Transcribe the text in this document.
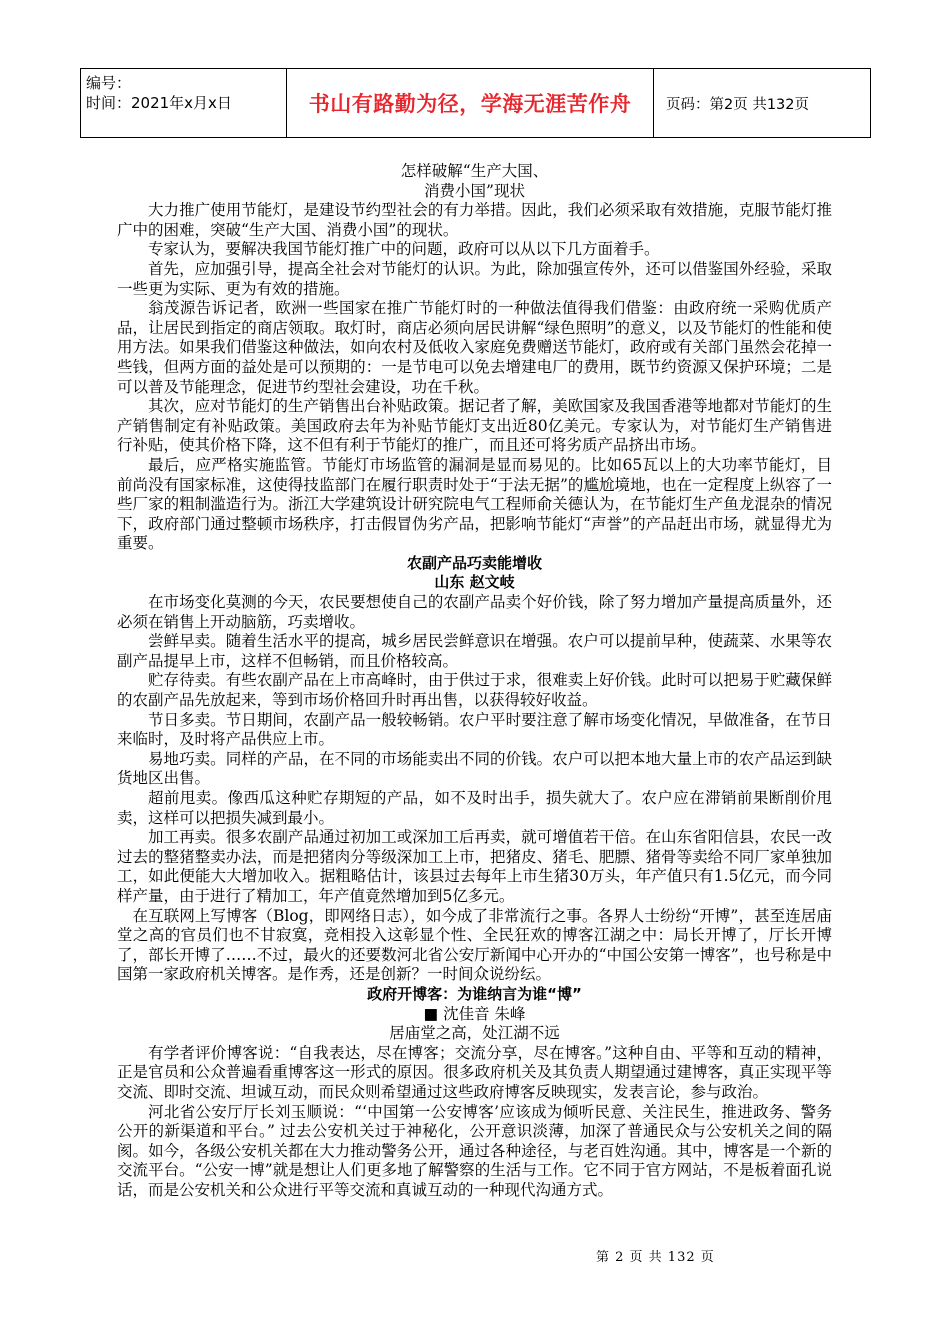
编号：
时间：2021年x月x日	书山有路勤为径，学海无涯苦作舟	页码：第2页 共132页

怎样破解“生产大国、

消费小国”现状

大力推广使用节能灯，是建设节约型社会的有力举措。因此，我们必须采取有效措施，克服节能灯推广中的困难，突破“生产大国、消费小国”的现状。

专家认为，要解决我国节能灯推广中的问题，政府可以从以下几方面着手。

首先，应加强引导，提高全社会对节能灯的认识。为此，除加强宣传外，还可以借鉴国外经验，采取一些更为实际、更为有效的措施。

翁茂源告诉记者，欧洲一些国家在推广节能灯时的一种做法值得我们借鉴：由政府统一采购优质产品，让居民到指定的商店领取。取灯时，商店必须向居民讲解“绿色照明”的意义，以及节能灯的性能和使用方法。如果我们借鉴这种做法，如向农村及低收入家庭免费赠送节能灯，政府或有关部门虽然会花掉一些钱，但两方面的益处是可以预期的：一是节电可以免去增建电厂的费用，既节约资源又保护环境；二是可以普及节能理念，促进节约型社会建设，功在千秋。

其次，应对节能灯的生产销售出台补贴政策。据记者了解，美欧国家及我国香港等地都对节能灯的生产销售制定有补贴政策。美国政府去年为补贴节能灯支出近80亿美元。专家认为，对节能灯生产销售进行补贴，使其价格下降，这不但有利于节能灯的推广，而且还可将劣质产品挤出市场。

最后，应严格实施监管。节能灯市场监管的漏洞是显而易见的。比如65瓦以上的大功率节能灯，目前尚没有国家标准，这使得技监部门在履行职责时处于“于法无据”的尴尬境地，也在一定程度上纵容了一些厂家的粗制滥造行为。浙江大学建筑设计研究院电气工程师俞关德认为，在节能灯生产鱼龙混杂的情况下，政府部门通过整顿市场秩序，打击假冒伪劣产品，把影响节能灯“声誉”的产品赶出市场，就显得尤为重要。

农副产品巧卖能增收

山东 赵文岐

在市场变化莫测的今天，农民要想使自己的农副产品卖个好价钱，除了努力增加产量提高质量外，还必须在销售上开动脑筋，巧卖增收。

尝鲜早卖。随着生活水平的提高，城乡居民尝鲜意识在增强。农户可以提前早种，使蔬菜、水果等农副产品提早上市，这样不但畅销，而且价格较高。

贮存待卖。有些农副产品在上市高峰时，由于供过于求，很难卖上好价钱。此时可以把易于贮藏保鲜的农副产品先放起来，等到市场价格回升时再出售，以获得较好收益。

节日多卖。节日期间，农副产品一般较畅销。农户平时要注意了解市场变化情况，早做准备，在节日来临时，及时将产品供应上市。

易地巧卖。同样的产品，在不同的市场能卖出不同的价钱。农户可以把本地大量上市的农产品运到缺货地区出售。

超前甩卖。像西瓜这种贮存期短的产品，如不及时出手，损失就大了。农户应在滞销前果断削价甩卖，这样可以把损失减到最小。

加工再卖。很多农副产品通过初加工或深加工后再卖，就可增值若干倍。在山东省阳信县，农民一改过去的整猪整卖办法，而是把猪肉分等级深加工上市，把猪皮、猪毛、肥膘、猪骨等卖给不同厂家单独加工，如此便能大大增加收入。据粗略估计，该县过去每年上市生猪30万头，年产值只有1.5亿元，而今同样产量，由于进行了精加工，年产值竟然增加到5亿多元。

在互联网上写博客（Blog，即网络日志），如今成了非常流行之事。各界人士纷纷“开博”，甚至连居庙堂之高的官员们也不甘寂寞，竞相投入这彰显个性、全民狂欢的博客江湖之中：局长开博了，厅长开博了，部长开博了……不过，最火的还要数河北省公安厅新闻中心开办的“中国公安第一博客”，也号称是中国第一家政府机关博客。是作秀，还是创新？一时间众说纷纭。

政府开博客：为谁纳言为谁“博”

■ 沈佳音 朱峰

居庙堂之高，处江湖不远

有学者评价博客说：“自我表达，尽在博客；交流分享，尽在博客。”这种自由、平等和互动的精神，正是官员和公众普遍看重博客这一形式的原因。很多政府机关及其负责人期望通过建博客，真正实现平等交流、即时交流、坦诚互动，而民众则希望通过这些政府博客反映现实，发表言论，参与政治。

河北省公安厅厅长刘玉顺说：“‘中国第一公安博客’应该成为倾听民意、关注民生，推进政务、警务公开的新渠道和平台。” 过去公安机关过于神秘化，公开意识淡薄，加深了普通民众与公安机关之间的隔阂。如今，各级公安机关都在大力推动警务公开，通过各种途径，与老百姓沟通。其中，博客是一个新的交流平台。“公安一博”就是想让人们更多地了解警察的生活与工作。它不同于官方网站，不是板着面孔说话，而是公安机关和公众进行平等交流和真诚互动的一种现代沟通方式。

第 2 页 共 132 页
